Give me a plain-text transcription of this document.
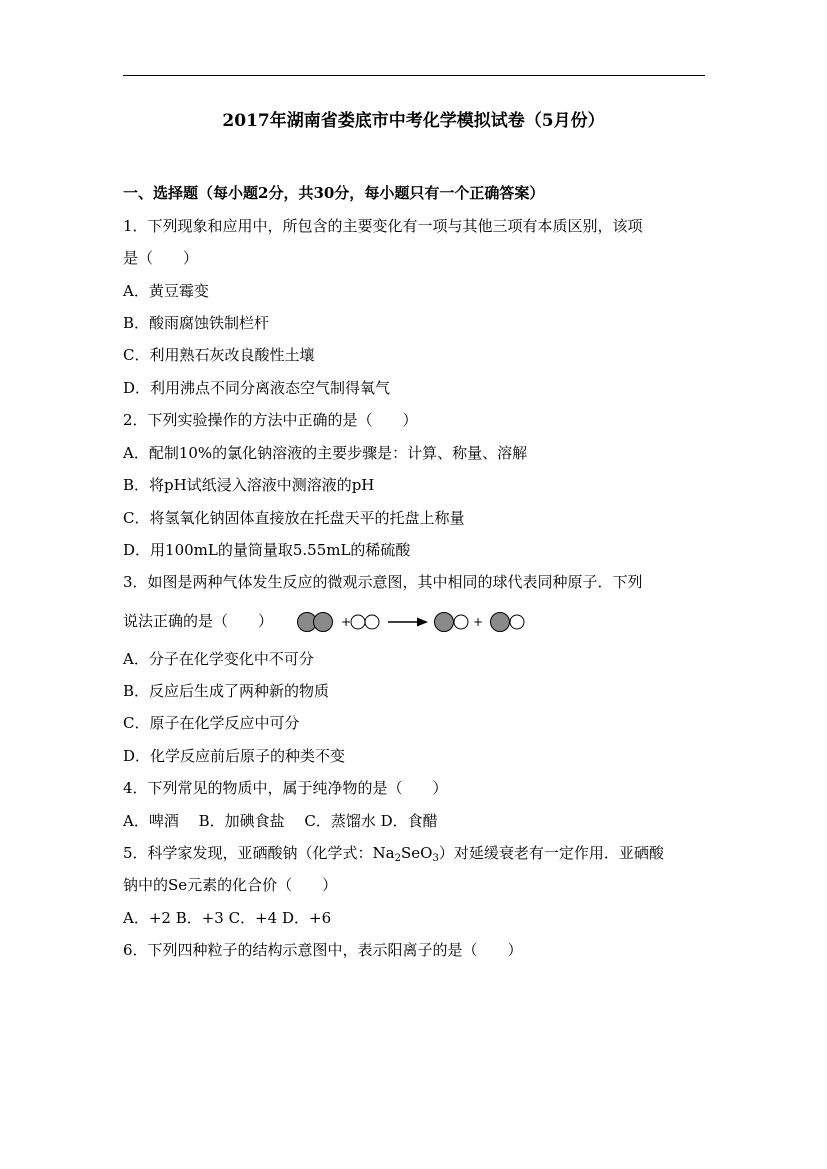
2017年湖南省娄底市中考化学模拟试卷（5月份）
一、选择题（每小题2分，共30分，每小题只有一个正确答案）
1．下列现象和应用中，所包含的主要变化有一项与其他三项有本质区别，该项
是（　　）
A．黄豆霉变
B．酸雨腐蚀铁制栏杆
C．利用熟石灰改良酸性土壤
D．利用沸点不同分离液态空气制得氧气
2．下列实验操作的方法中正确的是（　　）
A．配制10%的氯化钠溶液的主要步骤是：计算、称量、溶解
B．将pH试纸浸入溶液中测溶液的pH
C．将氢氧化钠固体直接放在托盘天平的托盘上称量
D．用100mL的量筒量取5.55mL的稀硫酸
3．如图是两种气体发生反应的微观示意图，其中相同的球代表同种原子．下列
说法正确的是（　　）	+	+
A．分子在化学变化中不可分
B．反应后生成了两种新的物质
C．原子在化学反应中可分
D．化学反应前后原子的种类不变
4．下列常见的物质中，属于纯净物的是（　　）
A．啤酒　 B．加碘食盐　 C．蒸馏水 D．食醋
5．科学家发现，亚硒酸钠（化学式：$Na_2SeO_3$）对延缓衰老有一定作用．亚硒酸
钠中的Se元素的化合价（　　）
A．+2 B．+3 C．+4 D．+6
6．下列四种粒子的结构示意图中，表示阳离子的是（　　）
